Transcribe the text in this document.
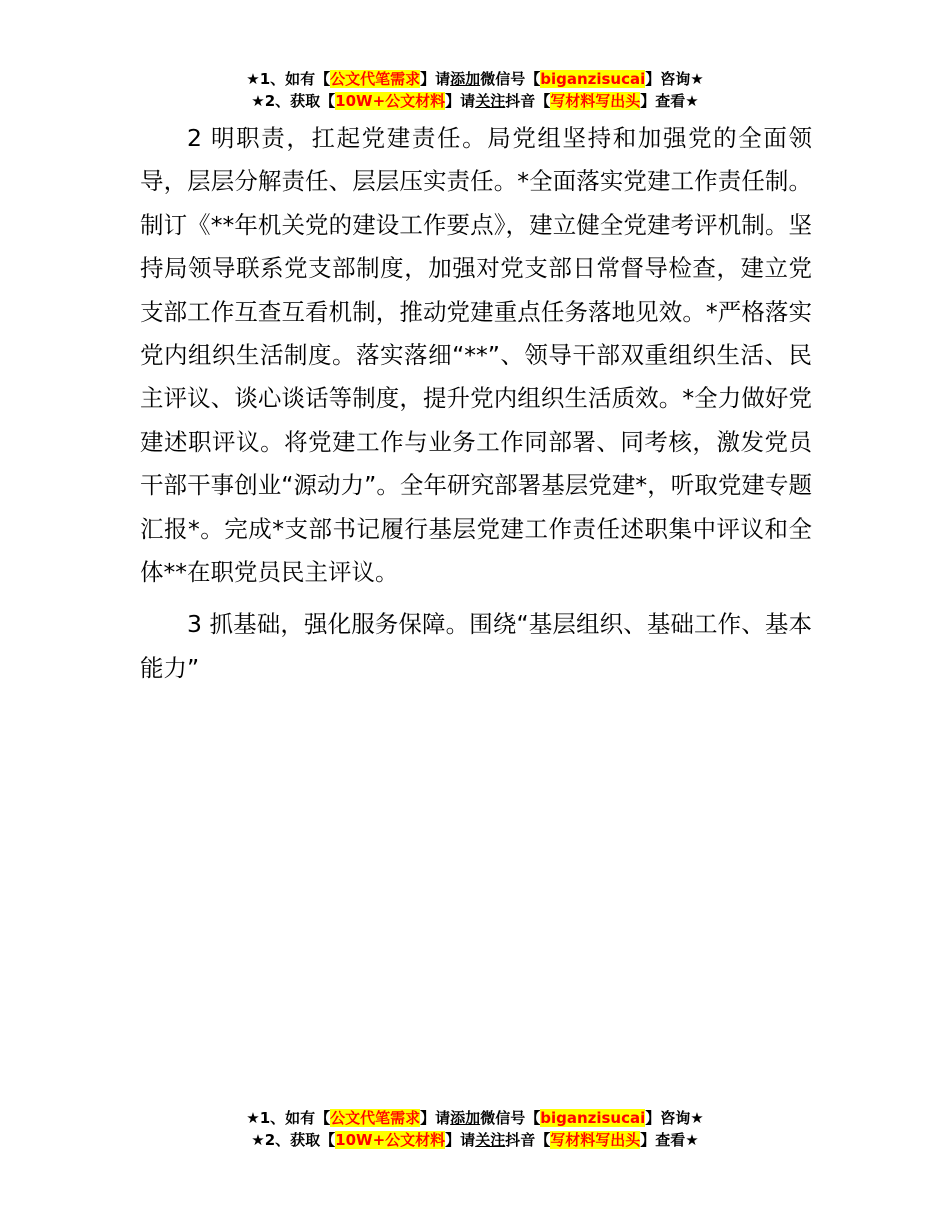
★1、如有【公文代笔需求】请添加微信号【biganzisucai】咨询★
★2、获取【10W+公文材料】请关注抖音【写材料写出头】查看★

2 明职责，扛起党建责任。局党组坚持和加强党的全面领导，层层分解责任、层层压实责任。*全面落实党建工作责任制。制订《**年机关党的建设工作要点》，建立健全党建考评机制。坚持局领导联系党支部制度，加强对党支部日常督导检查，建立党支部工作互查互看机制，推动党建重点任务落地见效。*严格落实党内组织生活制度。落实落细“**”、领导干部双重组织生活、民主评议、谈心谈话等制度，提升党内组织生活质效。*全力做好党建述职评议。将党建工作与业务工作同部署、同考核，激发党员干部干事创业“源动力”。全年研究部署基层党建*，听取党建专题汇报*。完成*支部书记履行基层党建工作责任述职集中评议和全体**在职党员民主评议。

3 抓基础，强化服务保障。围绕“基层组织、基础工作、基本能力”

★1、如有【公文代笔需求】请添加微信号【biganzisucai】咨询★
★2、获取【10W+公文材料】请关注抖音【写材料写出头】查看★
